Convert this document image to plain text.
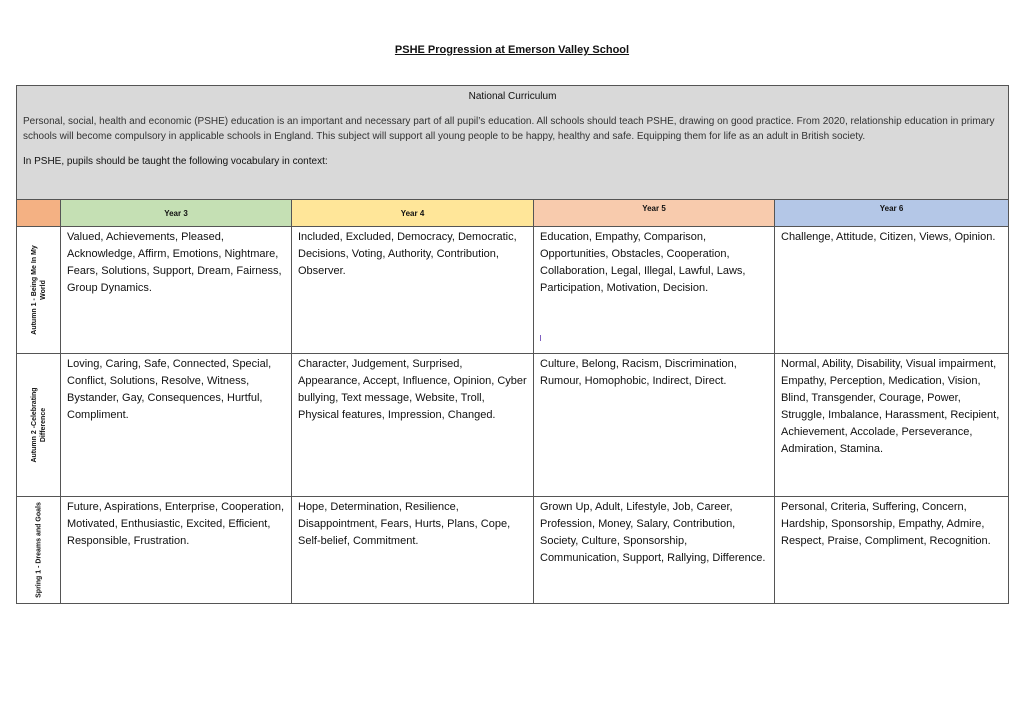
PSHE Progression at Emerson Valley School
National Curriculum
Personal, social, health and economic (PSHE) education is an important and necessary part of all pupil’s education. All schools should teach PSHE, drawing on good practice. From 2020, relationship education in primary schools will become compulsory in applicable schools in England. This subject will support all young people to be happy, healthy and safe. Equipping them for life as an adult in British society.
In PSHE, pupils should be taught the following vocabulary in context:				

	Year 3	Year 4	Year 5	Year 6

Autumn 1 - Being Me In My World	Valued, Achievements, Pleased, Acknowledge, Affirm, Emotions, Nightmare, Fears, Solutions, Support, Dream, Fairness, Group Dynamics.	Included, Excluded, Democracy, Democratic, Decisions, Voting, Authority, Contribution, Observer.	Education, Empathy, Comparison, Opportunities, Obstacles, Cooperation, Collaboration, Legal, Illegal, Lawful, Laws, Participation, Motivation, Decision.	Challenge, Attitude, Citizen, Views, Opinion.

Autumn 2 -Celebrating Difference	Loving, Caring, Safe, Connected, Special, Conflict, Solutions, Resolve, Witness, Bystander, Gay, Consequences, Hurtful, Compliment.	Character, Judgement, Surprised, Appearance, Accept, Influence, Opinion, Cyber bullying, Text message, Website, Troll, Physical features, Impression, Changed.	Culture, Belong, Racism, Discrimination, Rumour, Homophobic, Indirect, Direct.	Normal, Ability, Disability, Visual impairment, Empathy, Perception, Medication, Vision, Blind, Transgender, Courage, Power, Struggle, Imbalance, Harassment, Recipient, Achievement, Accolade, Perseverance, Admiration, Stamina.

Spring 1 - Dreams and Goals	Future, Aspirations, Enterprise, Cooperation, Motivated, Enthusiastic, Excited, Efficient, Responsible, Frustration.	Hope, Determination, Resilience, Disappointment, Fears, Hurts, Plans, Cope, Self-belief, Commitment.	Grown Up, Adult, Lifestyle, Job, Career, Profession, Money, Salary, Contribution, Society, Culture, Sponsorship, Communication, Support, Rallying, Difference.	Personal, Criteria, Suffering, Concern, Hardship, Sponsorship, Empathy, Admire, Respect, Praise, Compliment, Recognition.
